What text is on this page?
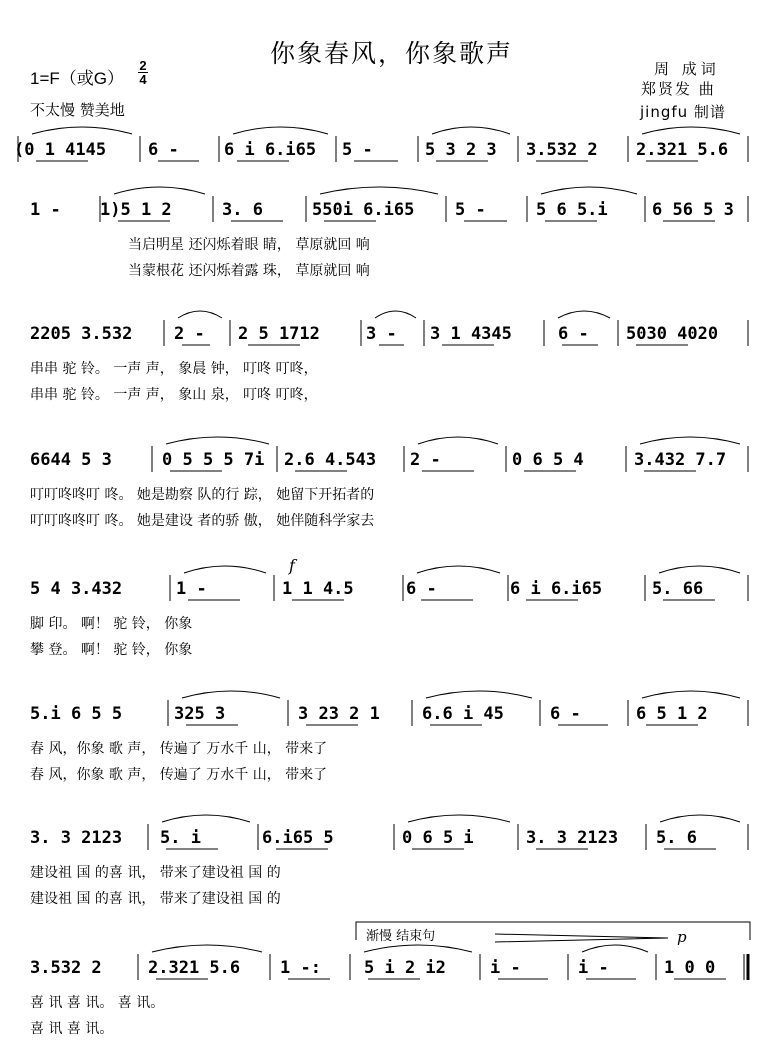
你象春风，你象歌声
1=F（或G）
2
4
不太慢 赞美地
周 成词
郑贤发 曲
jingfu 制谱
(0 1 4145 6 -	6 i 6.i65 5 -	5 3 2 3 3.532 2 2.321 5.6
1 - 1)5 1 2	3. 6	550i 6.i65 5 -	5 6 5.i	6 56 5 3
当启明星 还闪烁着眼 睛， 草原就回 响
当蒙根花 还闪烁着露 珠， 草原就回 响
2205 3.532 2 - 2 5 1712	3 - 3 1 4345	6 - 5030 4020
串串 驼 铃。 一声 声， 象晨 钟， 叮咚 叮咚，
串串 驼 铃。 一声 声， 象山 泉， 叮咚 叮咚，
6644 5 3	0 5 5 5 7i 2.6 4.543 2 -	0 6 5 4	3.432 7.7
叮叮咚咚叮 咚。 她是勘察 队的行 踪， 她留下开拓者的
叮叮咚咚叮 咚。 她是建设 者的骄 傲， 她伴随科学家去
5 4 3.432	1 -	1 1 4.5	6 -	6 i 6.i65	5. 66
脚 印。 啊！ 驼 铃， 你象
攀 登。 啊！ 驼 铃， 你象
5.i 6 5 5	325 3	3 23 2 1 6.6 i 45	6 -	6 5 1 2
春 风，你象 歌 声， 传遍了 万水千 山， 带来了
春 风，你象 歌 声， 传遍了 万水千 山， 带来了
3. 3 2123 5. i	6.i65 5	0 6 5 i	3. 3 2123 5. 6
建设祖 国 的喜 讯， 带来了建设祖 国 的
建设祖 国 的喜 讯， 带来了建设祖 国 的
3.532 2	2.321 5.6 1 -:	5 i 2 i2	i -	i -	1 0 0
喜 讯 喜 讯。 喜 讯。
喜 讯 喜 讯。
f
p
渐慢 结束句
